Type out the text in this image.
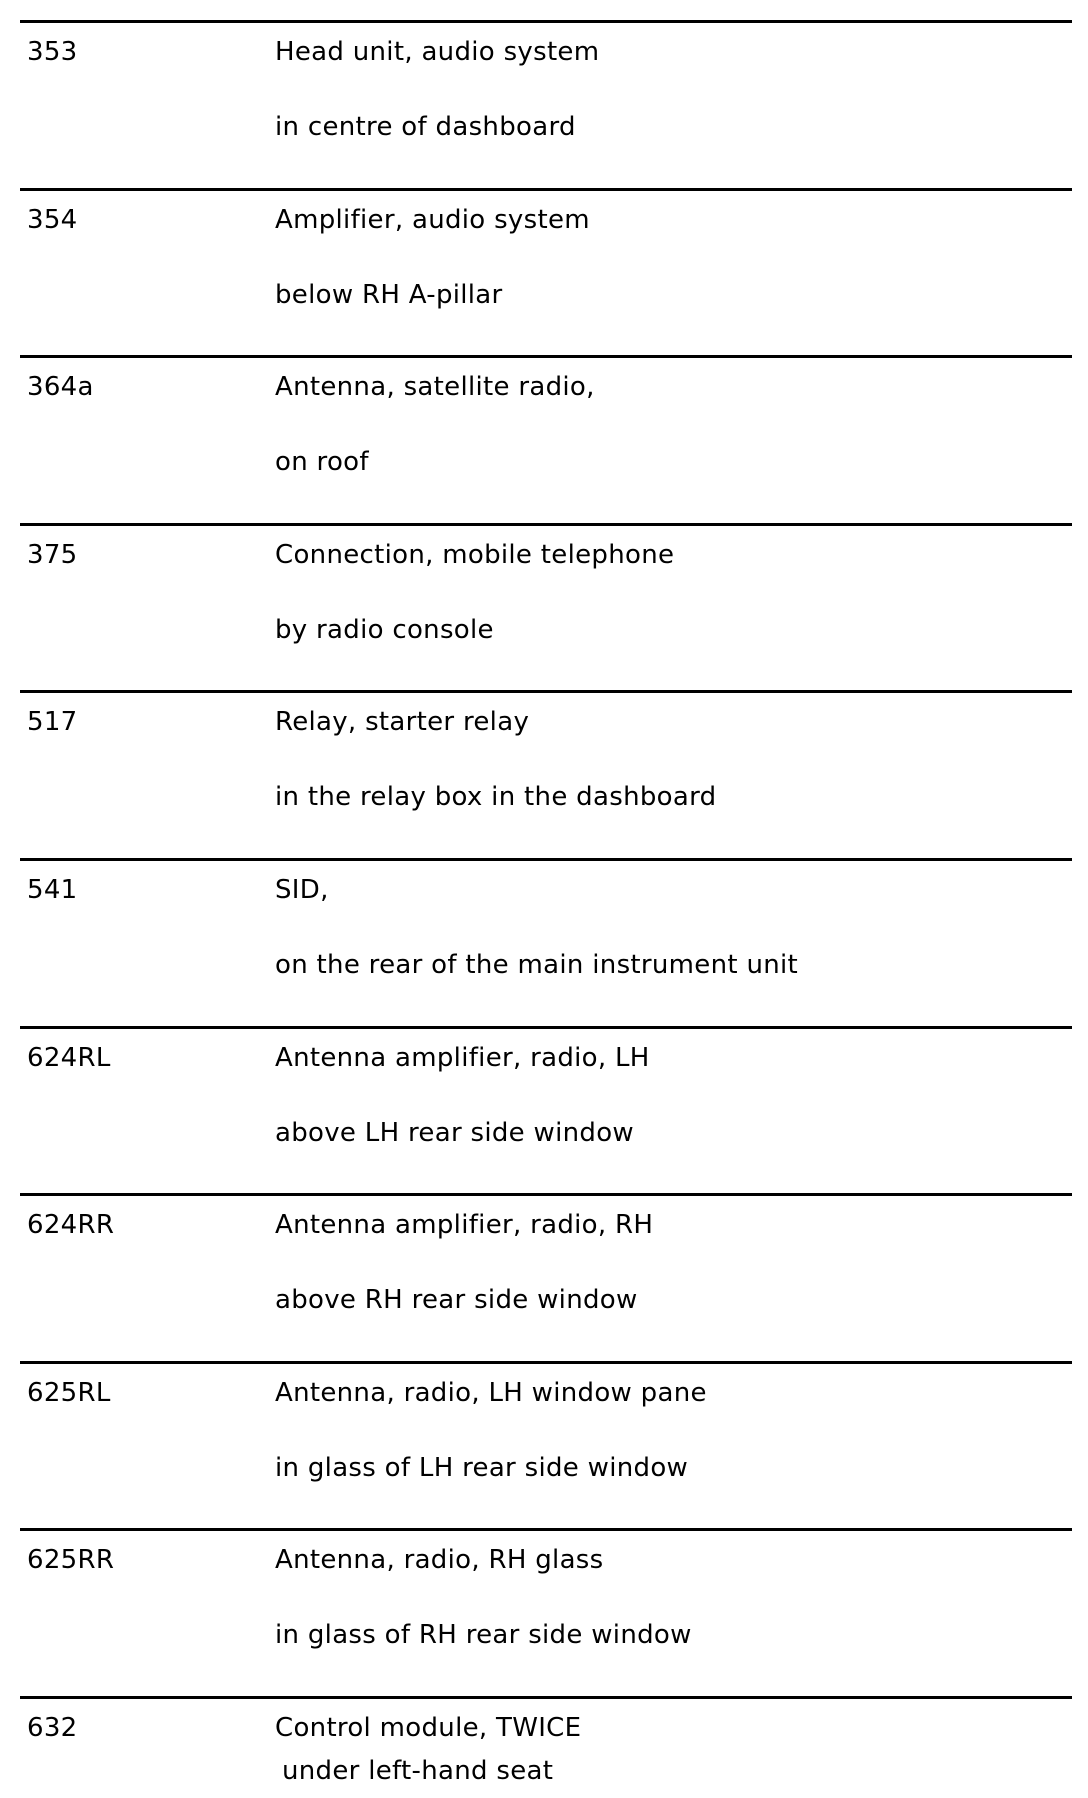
353	Head unit, audio system
in centre of dashboard
354	Amplifier, audio system
below RH A-pillar
364a	Antenna, satellite radio,
on roof
375	Connection, mobile telephone
by radio console
517	Relay, starter relay
in the relay box in the dashboard
541	SID,
on the rear of the main instrument unit
624RL	Antenna amplifier, radio, LH
above LH rear side window
624RR	Antenna amplifier, radio, RH
above RH rear side window
625RL	Antenna, radio, LH window pane
in glass of LH rear side window
625RR	Antenna, radio, RH glass
in glass of RH rear side window
632	Control module, TWICE
under left-hand seat
